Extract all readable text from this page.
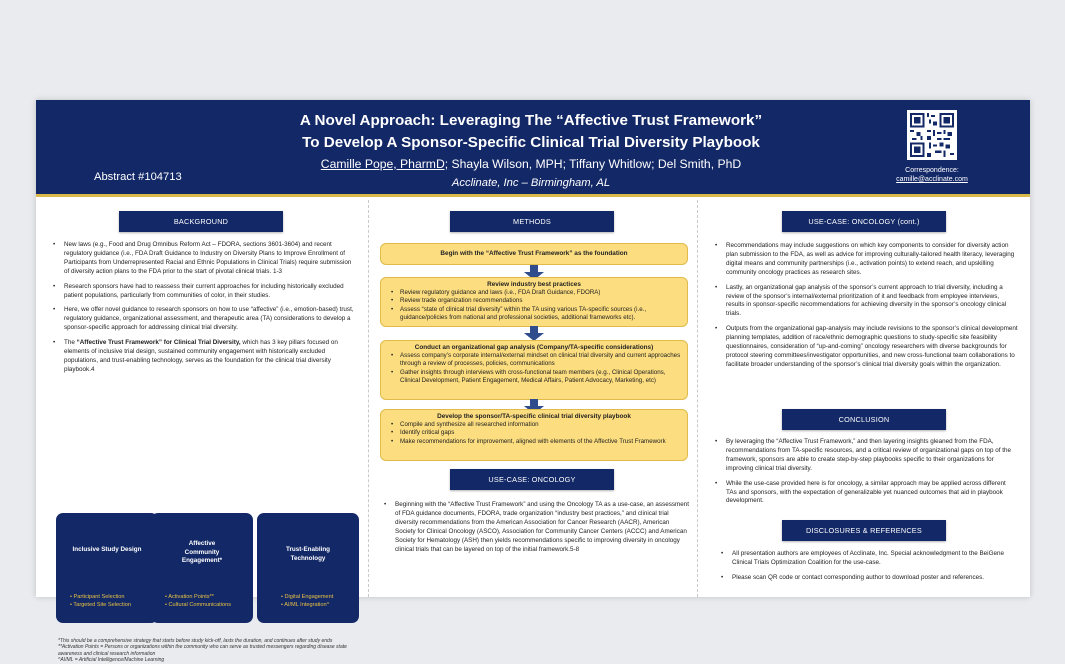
A Novel Approach: Leveraging The “Affective Trust Framework”
To Develop A Sponsor-Specific Clinical Trial Diversity Playbook
Camille Pope, PharmD; Shayla Wilson, MPH; Tiffany Whitlow; Del Smith, PhD
Acclinate, Inc – Birmingham, AL
Abstract #104713
Correspondence:
camille@acclinate.com
BACKGROUND
• New laws (e.g., Food and Drug Omnibus Reform Act – FDORA, sections 3601-3604) and recent regulatory guidance (i.e., FDA Draft Guidance to Industry on Diversity Plans to Improve Enrollment of Participants from Underrepresented Racial and Ethnic Populations in Clinical Trials) require submission of diversity action plans to the FDA prior to the start of pivotal clinical trials. 1-3
• Research sponsors have had to reassess their current approaches for including historically excluded patient populations, particularly from communities of color, in their studies.
• Here, we offer novel guidance to research sponsors on how to use “affective” (i.e., emotion-based) trust, regulatory guidance, organizational assessment, and therapeutic area (TA) considerations to develop a sponsor-specific approach for addressing clinical trial diversity.
• The “Affective Trust Framework” for Clinical Trial Diversity, which has 3 key pillars focused on elements of inclusive trial design, sustained community engagement with historically excluded populations, and trust-enabling technology, serves as the foundation for the clinical trial diversity playbook.4
Inclusive Study Design
• Participant Selection
• Targeted Site Selection
Affective Community Engagement*
• Activation Points**
• Cultural Communications
Trust-Enabling Technology
• Digital Engagement
• AI/ML Integration^
*This should be a comprehensive strategy that starts before study kick-off, lasts the duration, and continues after study ends
**Activation Points = Persons or organizations within the community who can serve as trusted messengers regarding disease state awareness and clinical research information
^AI/ML = Artificial Intelligence/Machine Learning
METHODS
Begin with the “Affective Trust Framework” as the foundation
Review industry best practices
• Review regulatory guidance and laws (i.e., FDA Draft Guidance, FDORA)
• Review trade organization recommendations
• Assess “state of clinical trial diversity” within the TA using various TA-specific sources (i.e., guidance/policies from national and professional societies, additional frameworks etc).
Conduct an organizational gap analysis (Company/TA-specific considerations)
• Assess company’s corporate internal/external mindset on clinical trial diversity and current approaches through a review of processes, policies, communications
• Gather insights through interviews with cross-functional team members (e.g., Clinical Operations, Clinical Development, Patient Engagement, Medical Affairs, Patient Advocacy, Marketing, etc)
Develop the sponsor/TA-specific clinical trial diversity playbook
• Compile and synthesize all researched information
• Identify critical gaps
• Make recommendations for improvement, aligned with elements of the Affective Trust Framework
USE-CASE: ONCOLOGY
• Beginning with the “Affective Trust Framework” and using the Oncology TA as a use-case, an assessment of FDA guidance documents, FDORA, trade organization “industry best practices,” and clinical trial diversity recommendations from the American Association for Cancer Research (AACR), American Society for Clinical Oncology (ASCO), Association for Community Cancer Centers (ACCC) and American Society for Hematology (ASH) then yields recommendations specific to improving diversity in oncology clinical trials that can be layered on top of the initial framework.5-8
USE-CASE: ONCOLOGY (cont.)
• Recommendations may include suggestions on which key components to consider for diversity action plan submission to the FDA, as well as advice for improving culturally-tailored health literacy, leveraging digital means and community partnerships (i.e., activation points) to extend reach, and upskilling community oncology practices as research sites.
• Lastly, an organizational gap analysis of the sponsor’s current approach to trial diversity, including a review of the sponsor’s internal/external prioritization of it and feedback from employee interviews, results in sponsor-specific recommendations for achieving diversity in the sponsor’s oncology clinical trials.
• Outputs from the organizational gap-analysis may include revisions to the sponsor’s clinical development planning templates, addition of race/ethnic demographic questions to study-specific site feasibility questionnaires, consideration of “up-and-coming” oncology researchers with diverse backgrounds for protocol steering committees/investigator opportunities, and new cross-functional team collaborations to facilitate broader understanding of the sponsor’s clinical trial diversity goals within the organization.
CONCLUSION
• By leveraging the “Affective Trust Framework,” and then layering insights gleaned from the FDA, recommendations from TA-specific resources, and a critical review of organizational gaps on top of the framework, sponsors are able to create step-by-step playbooks specific to their organizations for improving clinical trial diversity.
• While the use-case provided here is for oncology, a similar approach may be applied across different TAs and sponsors, with the expectation of generalizable yet nuanced outcomes that aid in playbook development.
DISCLOSURES & REFERENCES
• All presentation authors are employees of Acclinate, Inc. Special acknowledgment to the BeiGene Clinical Trials Optimization Coalition for the use-case.
• Please scan QR code or contact corresponding author to download poster and references.
